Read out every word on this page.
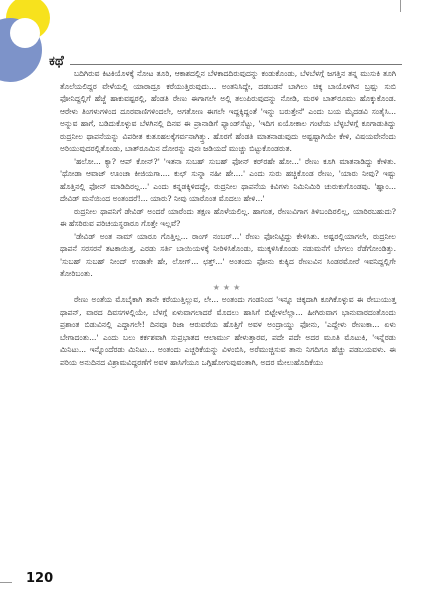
ಕಥೆ

ಬದಿಗಿರುವ ಕಿಟಕಿಯೊಳಕ್ಕೆ ನೋಟ ತೂರಿ, ಆಕಾಶದಲ್ಲಿನ ಬೆಳಕಾದದಿರುವುದನ್ನು ಕಂಡುಕೊಂಡು, ಬೆಳಬೆಳಗ್ಗೆ ಜಗತ್ತಿನ ತನ್ನ ಮುಸುಕಿ ತೂಗಿ ತೊಲೆಯಲಿದ್ದರ ವೇಳೆಯಲ್ಲಿ ಯಾರಾದ್ರೂ ಕರೆಯುತ್ತಿರುವುದು... ಅಂತನಿಸಿದ್ದೇ, ದಡಬಡನೆ ಬಾಗಿಲು ಚಿಕ್ಕ ಬಾಯೊಳಗಿನ ಬ್ರಷ್ಷು ಸುಬಿ ಫೋನಿದ್ದಲ್ಲಿಗೆ ಹೆಜ್ಜೆ ಹಾಕುವಷ್ಟರಲ್ಲಿ, ಹೆಂಡತಿ ರೇಣು ಈಗಾಗಲೇ ಅಲ್ಲಿ ತಲುಪಿರುವುದನ್ನು ನೋಡಿ, ಮರಳಿ ಬಾತ್‌ರೂಮು ಹೊಕ್ಕುಕೊಂಡ. ಆರೇಳು ತಿಂಗಳುಗಳಿಂದ ದೂರವಾಣಿಗಳಿಂದಲೇ, ಅಗತೋಣ ಈಗಲೇ ಇದ್ದಕ್ಕಿದ್ದಂತೆ 'ಇನ್ನು ಬರುತ್ತೇನೆ' ಎಂದು ಬಯ ಮೈದಡವಿ ಸಂತೈಸಿ... ಅನ್ನುವ ಹಾಗೆ, ಬಡಿದುಕೊಳ್ಳುವ ಬೆಳಗಿನಲ್ಲಿ ದಿನವ ಈ ಪ್ರಾನಾಡಿಗೆ ಫ್ಯಾಂಡ್‌ಸೆಟ್ಟು, 'ಇದಿಗ ಏಯೋಕಾಲ ಗಂಟೆಯ ಬೆಳ್ಳಬೆಳಗ್ಗೆ ಕೂಗಾಡುತಿದ್ದು ರುದ್ರನೀಲ ಥಾಪನೆಯನ್ನು ವಿಪರೀತ ಕುತೂಹಲಕ್ಕೆಗರ್ವನಾಗಿತ್ತ್ತು. ಹೊರಗೆ ಹೆಂಡತಿ ಮಾತನಾಡುವುದು ಅಷ್ಟಷ್ಟಾಗಿಯೇ ಕೇಳಿ, ವಿಷಯವೇನೆಂದು ಅರಿಯುವುದರಲ್ಲಿತೊಂಡು, ಬಾತ್‌ರೂಮಿನ ದೋರನ್ನು ಪುನಃ ಜಡಿಯದೆ ಮುಚ್ಚು ಬಿಟ್ಟುಕೊಂಡರುತ.

'ಹಲೋ... ಕ್ಯಾ? ಆಪ್ ಕೋನ್?' 'ಇತನಾ ಸುಬಹ್ ಸುಬಹ್ ಫೋನ್ ಕರ್‌ರಹೇ ಹೋ...' ರೇಣು ಕೂಗಿ ಮಾತನಾಡಿದ್ದು ಕೇಳಿತು. 'ಥೋಡಾ ಆವಾಜ್ ಊಂಚಾ ಕೀಜಿಯಗಾ.... ಕುಛ್ ಸುನ್ನಾ ನಹೀ ಹೇ....' ಎಂದು ಸುರು ಹಚ್ಚಿಕೊಂಡ ರೇಣು, 'ಯಾರು ನೀವು? ಇಷ್ಟು ಹೊತ್ತಿನಲ್ಲಿ ಫೋನ್ ಮಾಡಿದಿರಲ್ಲ...' ಎಂದು ಕನ್ನಡಕ್ಕಿಳಿದದ್ದೇ, ರುದ್ರನೀಲ ಥಾಪನೆಯ ಕಿವಿಗಳು ನಿಮಿನಿಮಿರಿ ಚುರುಕುಗೊಂಡವು. 'ಹ್ಞಾಂ... ದೇವಿಡ್ ಮನೆಯಿಂದ ಅಂತಂದರೆ!... ಯಾರು? ನೀವು ಯಾರೊಂತ ಮೊದಲು ಹೇಳಿ...'

ರುದ್ರನೀಲ ಥಾಪನಿಗೆ ಡೇವಿಡ್ ಅಂದರೆ ಯಾರೆಂದು ತಕ್ಷಣ ಹೊಳೆಯಲಿಲ್ಲ. ಹಾಗಂತ, ರೇಣುವಿಗಾಗ ತಿಳಿಬಂದಿರಲಿಲ್ಲ, ಯಾರಿರಬಹುದು? ಈ ಹೆಸರಿರುವ ಪರಿಚಯಸ್ಥರಾರೂ ಗೊತ್ತೇ ಇಲ್ಲವೆ?

'ಡೇವಿಡ್ ಅಂತ ನಾಮ್ ಯಾರೂ ಗೊತ್ತಿಲ್ಲ... ರಾಂಗ್ ನಂಬರ್...' ರೇಣು ಫೋನಿಟ್ಟಿದ್ದು ಕೇಳಿಸಿತು. ಅಷ್ಟರಲ್ಲಿಯಾಗಲೇ, ರುದ್ರನೀಲ ಥಾಪನೆ ಸರಸರನೆ ತಟಕಾಯಿತ್ತ, ಎರಡು ಸರ್ತಿ ಬಾಯಿಯಳಕ್ಕೆ ನೀರಿಳಿಸಿಕೊಂಡು, ಮುಕ್ಕಳಿಸಿಕೊಂಡು ನಡುಮನೆಗೆ ಬೇಗಲು ರೆಡೆಗೋಂಡಿತ್ತು. 'ಸುಬಹ್ ಸುಬಹ್ ನೀಂದ್ ಉಡಾತೇ ಹೇ, ಲೋಗ್... ಛತ್ತ್...' ಅಂತಂದು ಫೋನು ಕುಕ್ಕಿದ ರೇಣುವಿನ ಸಿಂಡರಮೋರೆ ಇವನಿದ್ದಲ್ಲಿಗೇ ತೋರಿಬಂತು.

★★★

ರೇಣು ಅಂತೆಯ ಮೊಬೈಕಾಗಿ ತಾನೇ ಕರೆಯುತ್ತಿಲ್ಲುವ, ಲೇ... ಅಂತಂದು ಗಂಡನಿಂದ 'ಇನ್ನೂ ಚಿಕ್ಕದಾಗಿ ಕೂಗಿಕೊಳ್ಳುವ ಈ ರೇಬುಯುತ್ತ ಥಾಪನ್, ವಾರದ ದಿವಸಗಳಲ್ಲಿಯೇ, ಬೆಳಗ್ಗೆ ಏಳುವಾಗಲಾದರೆ ಮೊದಲು ಹಾಸಿಗೆ ಬಿಟ್ಟೇಳಲೆಲ್ಲಾ... ಹೀಗಿರುವಾಗ ಭಾನುವಾರದಂತೊಂದು ಪ್ರಶಾಂತ ಬಿಡುವಿನಲ್ಲಿ ಎದ್ದಾಗಲೇ! ದಿನವೂ ರಿಜಾ ಆರುವರೆಯ ಹೊತ್ತಿಗೆ ಅವಳ ಅಂದ್ರಾಯ್ಡು ಫೋನು, 'ಎದ್ದೇಳು ರೇಣುಕಾ... ಏಳು ಬೇಗಾದಂತು...' ಎಂದು ಬಲು ಕರ್ಕಶವಾಗಿ ಸುಪ್ರಭಾತದ ಆಲಾರ್ಮು ಹೇಳುತ್ತಾರವ, ಪದೇ ಪದೇ ಅದರ ಮೂತಿ ಮೊಟುಕಿ, 'ಇನ್ನೆರಡು ಮಿನಿಟು... ಇನ್ನೊಂದೆರಡು ಮಿನಿಟು... ಅಂತಂದು ಎಚ್ಚರಿಕೆಯನ್ನು ವಿಳಂಬಿಸಿ, ಅರೆಮುಚ್ಚಿಸುವ ತಾನು ನಿಗದಿಗೂ ಹೆಚ್ಚು ಪಡಬಯವಳು. ಈ ಪರಿಯ ಅನುದಿನದ ವಿಶ್ರಾಮವಿದ್ದರಣೆಗೆ ಅವಳ ಹಾಸಿಗೆಯೂ ಒಗ್ಗಿಹೋಗುವುವಂತಾಗಿ, ಅದರ ಮೇಲುಹೊದಿಕೆಯು

120
